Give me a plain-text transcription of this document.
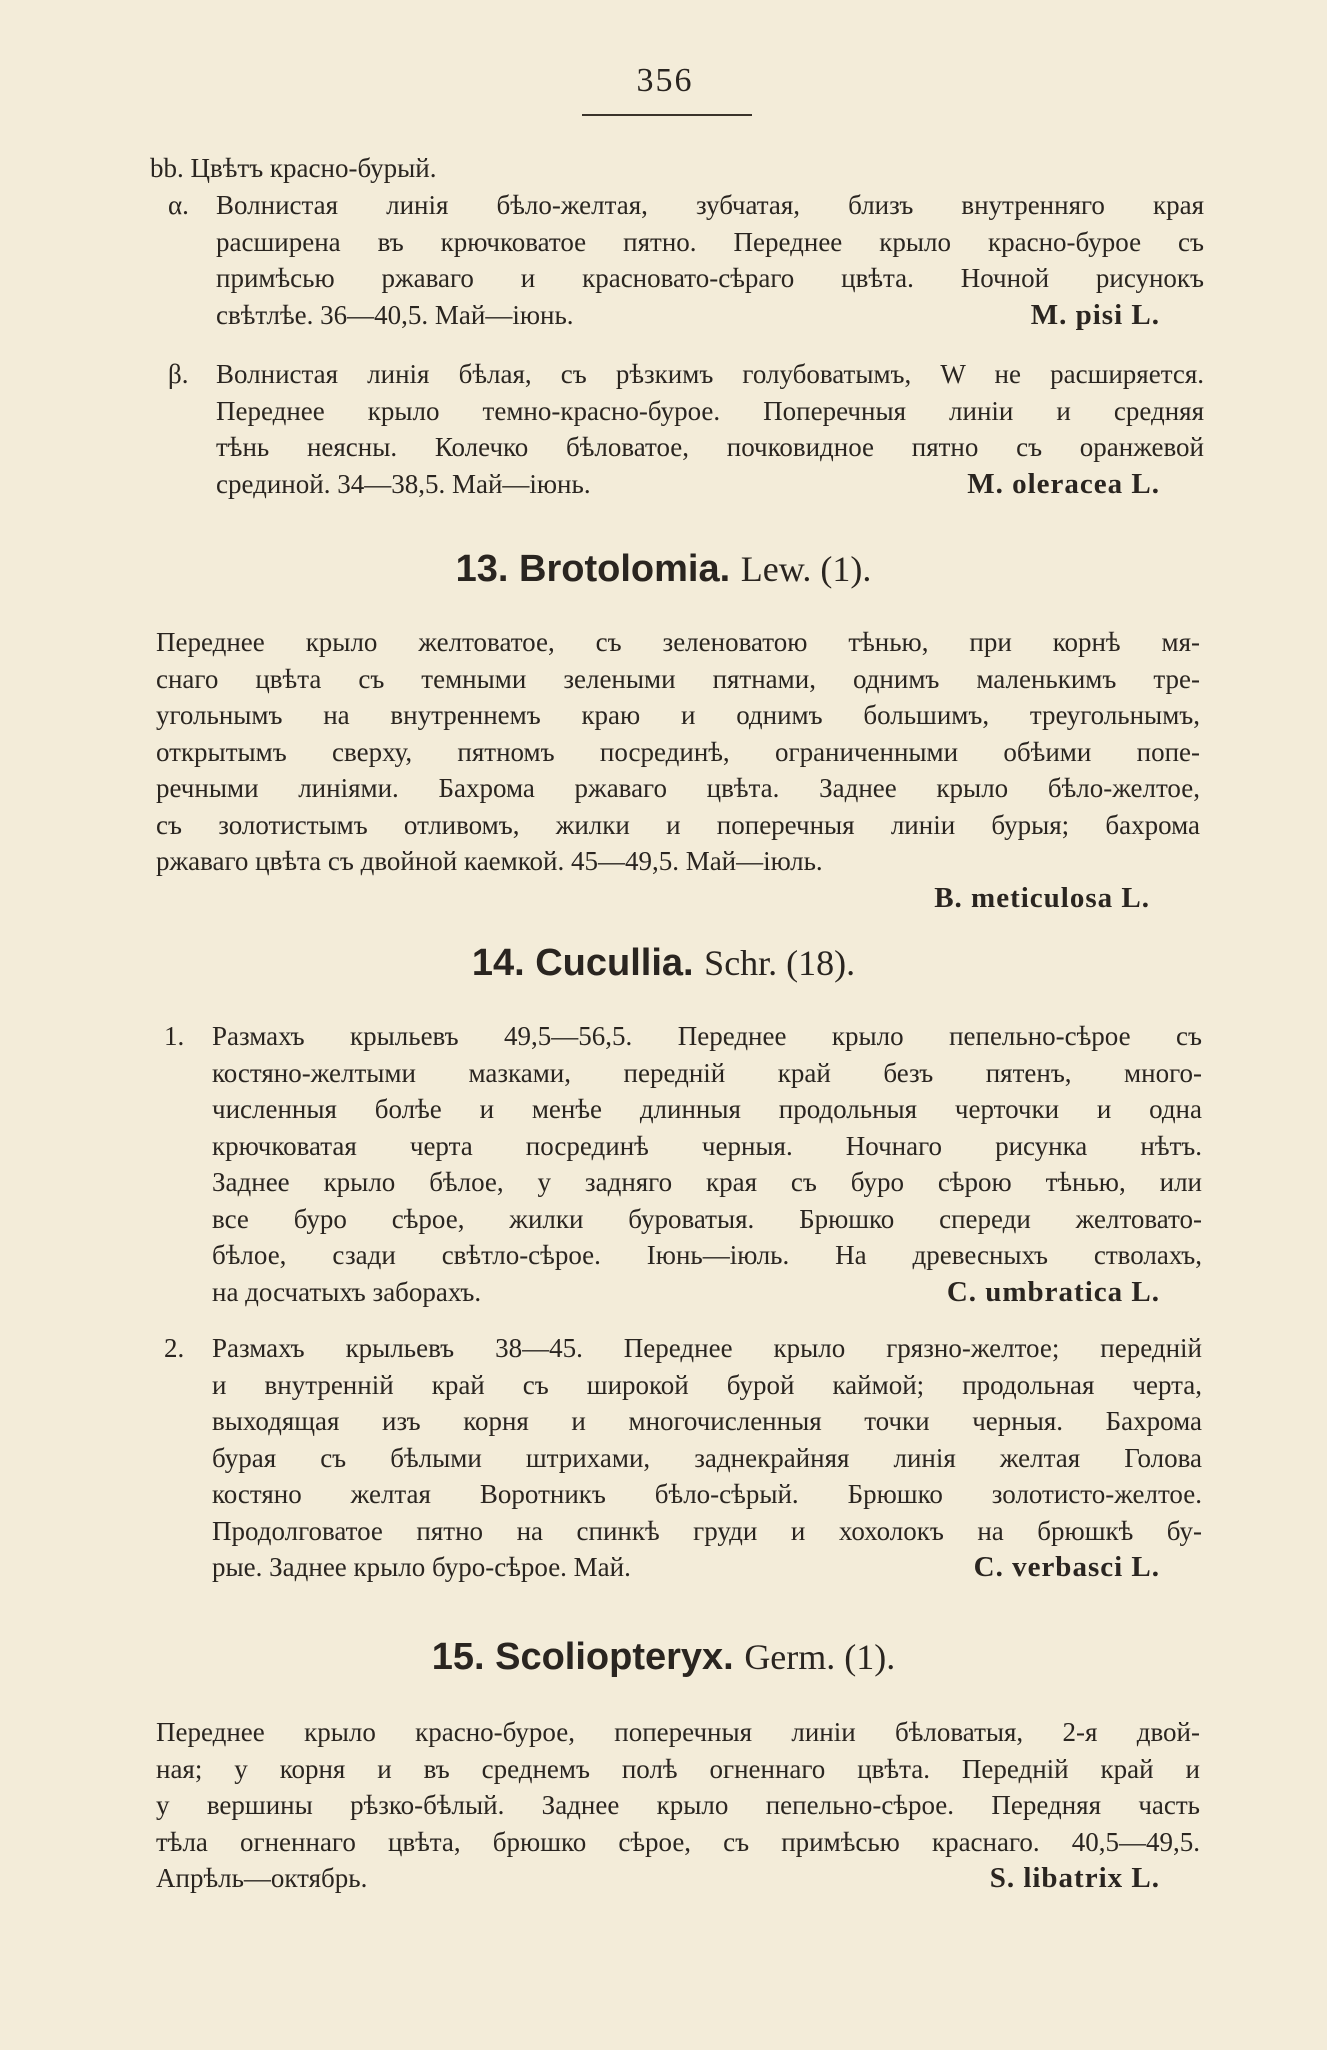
356
bb. Цвѣтъ красно-бурый.
α. Волнистая линія бѣло-желтая, зубчатая, близъ внутренняго края
расширена въ крючковатое пятно. Переднее крыло красно-бурое съ
примѣсью ржаваго и красновато-сѣраго цвѣта. Ночной рисунокъ
свѣтлѣе. 36—40,5. Май—іюнь.	M. pisi L.
β. Волнистая линія бѣлая, съ рѣзкимъ голубоватымъ, W не расширяется.
Переднее крыло темно-красно-бурое. Поперечныя линіи и средняя
тѣнь неясны. Колечко бѣловатое, почковидное пятно съ оранжевой
срединой. 34—38,5. Май—іюнь.	M. oleracea L.
13. Brotolomia. Lew. (1).
Переднее крыло желтоватое, съ зеленоватою тѣнью, при корнѣ мя-
снаго цвѣта съ темными зелеными пятнами, однимъ маленькимъ тре-
угольнымъ на внутреннемъ краю и однимъ большимъ, треугольнымъ,
открытымъ сверху, пятномъ посрединѣ, ограниченными обѣими попе-
речными линіями. Бахрома ржаваго цвѣта. Заднее крыло бѣло-желтое,
съ золотистымъ отливомъ, жилки и поперечныя линіи бурыя; бахрома
ржаваго цвѣта съ двойной каемкой. 45—49,5. Май—іюль.
B. meticulosa L.
14. Cucullia. Schr. (18).
1. Размахъ крыльевъ 49,5—56,5. Переднее крыло пепельно-сѣрое съ
костяно-желтыми мазками, передній край безъ пятенъ, много-
численныя болѣе и менѣе длинныя продольныя черточки и одна
крючковатая черта посрединѣ черныя. Ночнаго рисунка нѣтъ.
Заднее крыло бѣлое, у задняго края съ буро сѣрою тѣнью, или
все буро сѣрое, жилки буроватыя. Брюшко спереди желтовато-
бѣлое, сзади свѣтло-сѣрое. Іюнь—іюль. На древесныхъ стволахъ,
на досчатыхъ заборахъ.	C. umbratica L.
2. Размахъ крыльевъ 38—45. Переднее крыло грязно-желтое; передній
и внутренній край съ широкой бурой каймой; продольная черта,
выходящая изъ корня и многочисленныя точки черныя. Бахрома
бурая съ бѣлыми штрихами, заднекрайняя линія желтая Голова
костяно желтая Воротникъ бѣло-сѣрый. Брюшко золотисто-желтое.
Продолговатое пятно на спинкѣ груди и хохолокъ на брюшкѣ бу-
рые. Заднее крыло буро-сѣрое. Май.	C. verbasci L.
15. Scoliopteryx. Germ. (1).
Переднее крыло красно-бурое, поперечныя линіи бѣловатыя, 2-я двой-
ная; у корня и въ среднемъ полѣ огненнаго цвѣта. Передній край и
у вершины рѣзко-бѣлый. Заднее крыло пепельно-сѣрое. Передняя часть
тѣла огненнаго цвѣта, брюшко сѣрое, съ примѣсью краснаго. 40,5—49,5.
Апрѣль—октябрь.	S. libatrix L.
